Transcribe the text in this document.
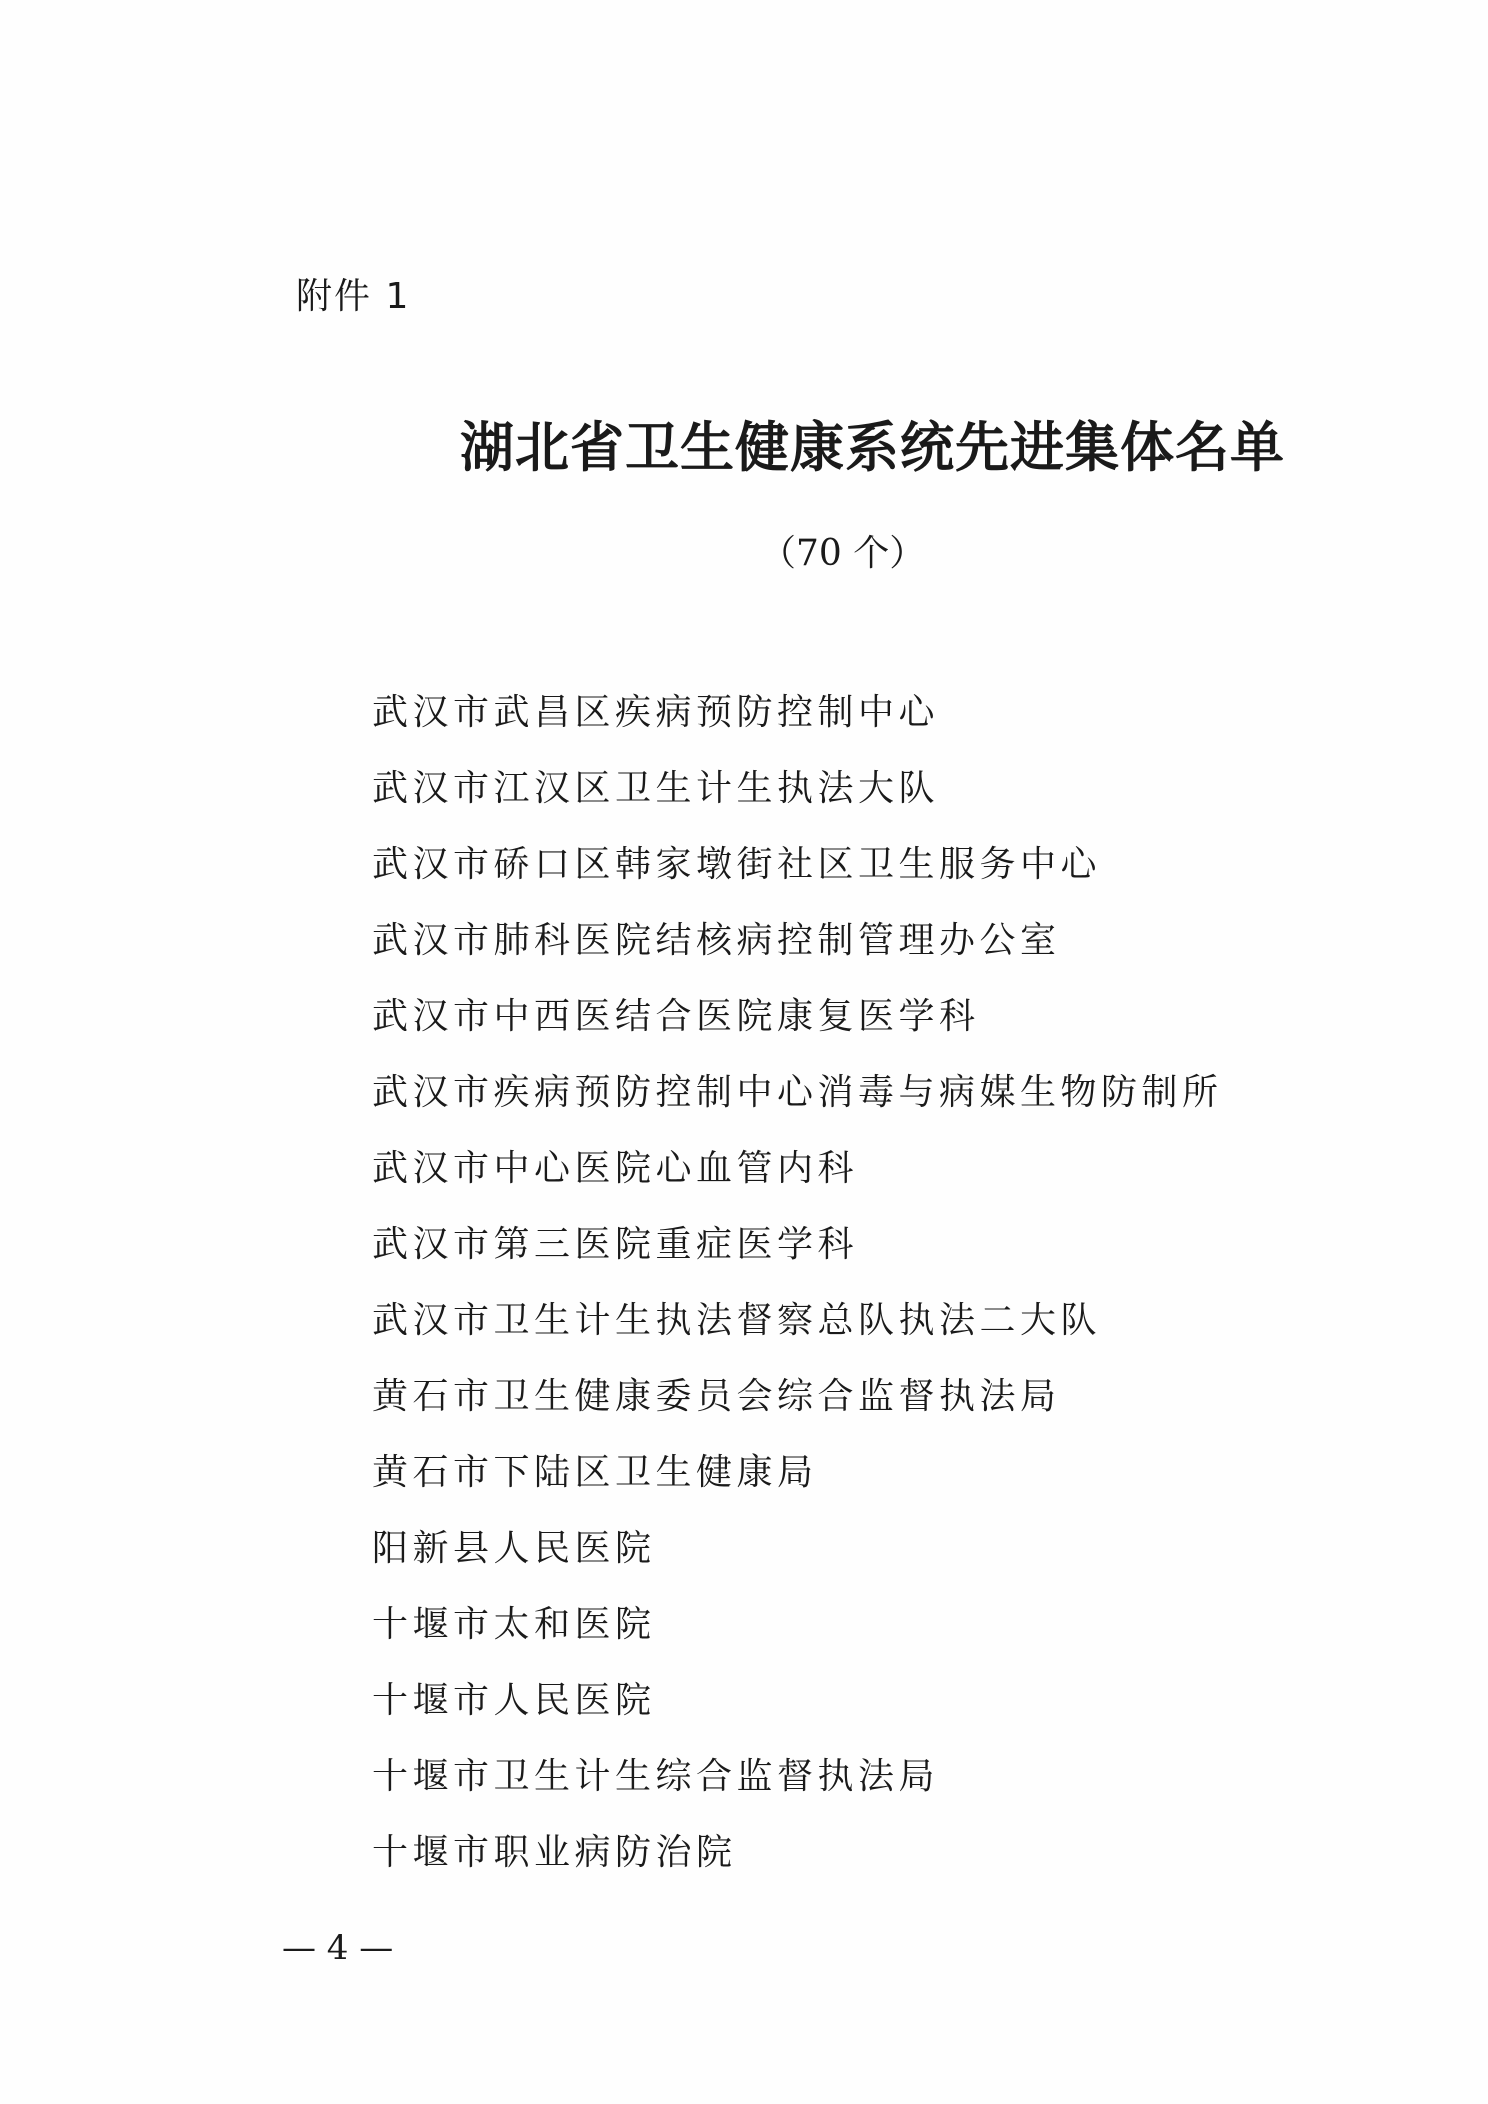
附件 1
湖北省卫生健康系统先进集体名单
（70 个）
武汉市武昌区疾病预防控制中心
武汉市江汉区卫生计生执法大队
武汉市硚口区韩家墩街社区卫生服务中心
武汉市肺科医院结核病控制管理办公室
武汉市中西医结合医院康复医学科
武汉市疾病预防控制中心消毒与病媒生物防制所
武汉市中心医院心血管内科
武汉市第三医院重症医学科
武汉市卫生计生执法督察总队执法二大队
黄石市卫生健康委员会综合监督执法局
黄石市下陆区卫生健康局
阳新县人民医院
十堰市太和医院
十堰市人民医院
十堰市卫生计生综合监督执法局
十堰市职业病防治院
— 4 —
